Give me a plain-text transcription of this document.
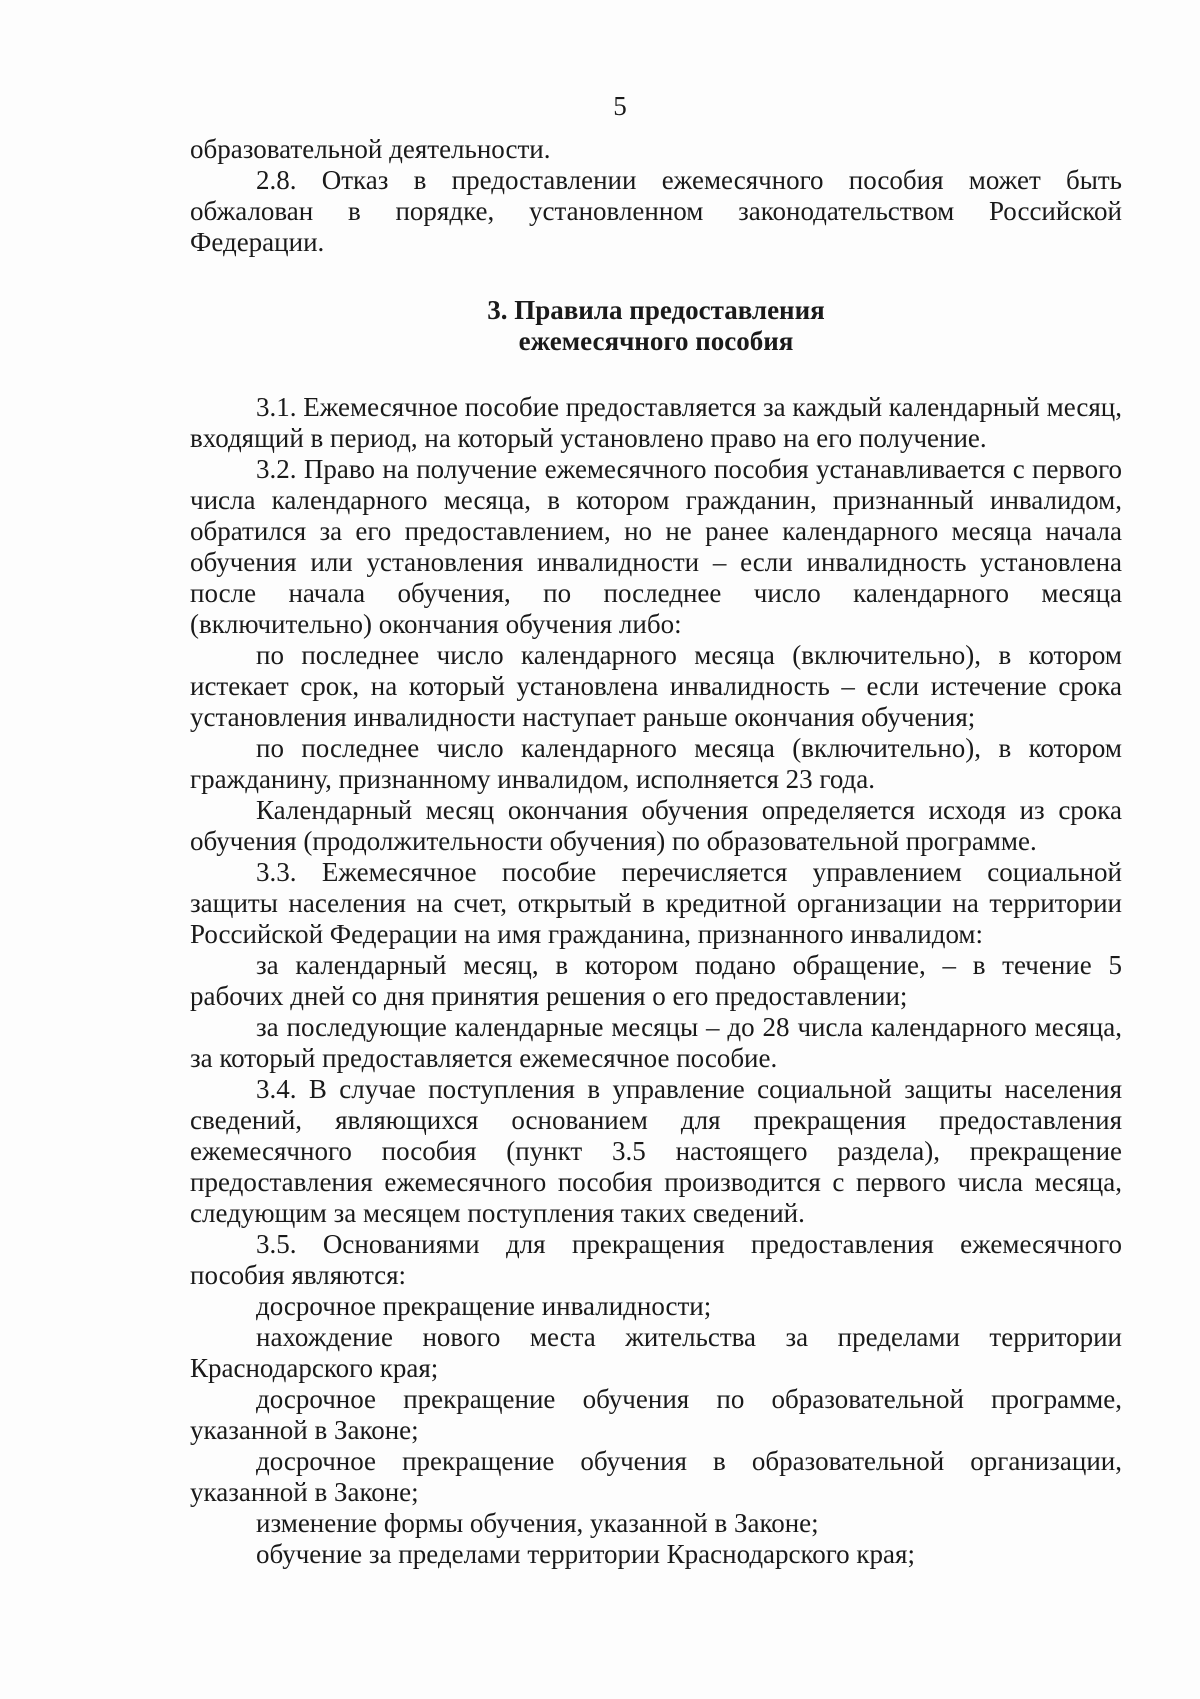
5

образовательной деятельности.

2.8. Отказ в предоставлении ежемесячного пособия может быть обжалован в порядке, установленном законодательством Российской Федерации.

3. Правила предоставления
ежемесячного пособия

3.1. Ежемесячное пособие предоставляется за каждый календарный месяц, входящий в период, на который установлено право на его получение.

3.2. Право на получение ежемесячного пособия устанавливается с первого числа календарного месяца, в котором гражданин, признанный инвалидом, обратился за его предоставлением, но не ранее календарного месяца начала обучения или установления инвалидности – если инвалидность установлена после начала обучения, по последнее число календарного месяца (включительно) окончания обучения либо:

по последнее число календарного месяца (включительно), в котором истекает срок, на который установлена инвалидность – если истечение срока установления инвалидности наступает раньше окончания обучения;

по последнее число календарного месяца (включительно), в котором гражданину, признанному инвалидом, исполняется 23 года.

Календарный месяц окончания обучения определяется исходя из срока обучения (продолжительности обучения) по образовательной программе.

3.3. Ежемесячное пособие перечисляется управлением социальной защиты населения на счет, открытый в кредитной организации на территории Российской Федерации на имя гражданина, признанного инвалидом:

за календарный месяц, в котором подано обращение, – в течение 5 рабочих дней со дня принятия решения о его предоставлении;

за последующие календарные месяцы – до 28 числа календарного месяца, за который предоставляется ежемесячное пособие.

3.4. В случае поступления в управление социальной защиты населения сведений, являющихся основанием для прекращения предоставления ежемесячного пособия (пункт 3.5 настоящего раздела), прекращение предоставления ежемесячного пособия производится с первого числа месяца, следующим за месяцем поступления таких сведений.

3.5. Основаниями для прекращения предоставления ежемесячного пособия являются:

досрочное прекращение инвалидности;

нахождение нового места жительства за пределами территории Краснодарского края;

досрочное прекращение обучения по образовательной программе, указанной в Законе;

досрочное прекращение обучения в образовательной организации, указанной в Законе;

изменение формы обучения, указанной в Законе;

обучение за пределами территории Краснодарского края;
